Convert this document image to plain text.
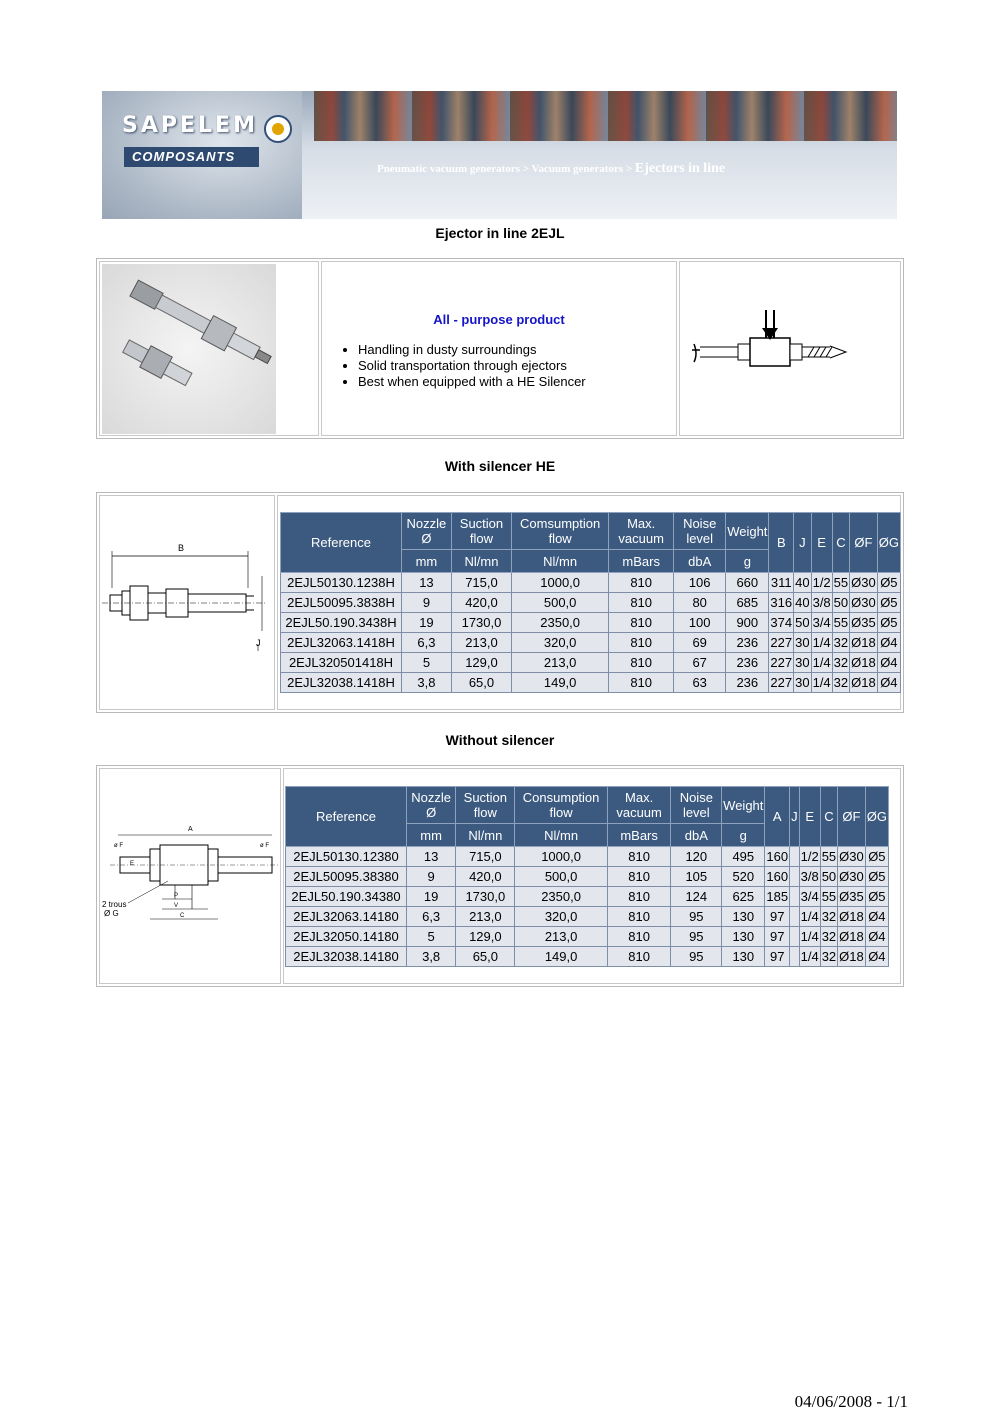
SAPELEM
COMPOSANTS
Pneumatic vacuum generators > Vacuum generators > Ejectors in line
Ejector in line 2EJL
All - purpose product
• Handling in dusty surroundings
• Solid transportation through ejectors
• Best when equipped with a HE Silencer
With silencer HE
B
J
Reference	Nozzle Ø	Suction flow	Comsumption flow	Max. vacuum	Noise level	Weight	B	J	E	C	ØF	ØG
	mm	Nl/mn	Nl/mn	mBars	dbA	g						
2EJL50130.1238H	13	715,0	1000,0	810	106	660	311	40	1/2	55	Ø30	Ø5
2EJL50095.3838H	9	420,0	500,0	810	80	685	316	40	3/8	50	Ø30	Ø5
2EJL50.190.3438H	19	1730,0	2350,0	810	100	900	374	50	3/4	55	Ø35	Ø5
2EJL32063.1418H	6,3	213,0	320,0	810	69	236	227	30	1/4	32	Ø18	Ø4
2EJL320501418H	5	129,0	213,0	810	67	236	227	30	1/4	32	Ø18	Ø4
2EJL32038.1418H	3,8	65,0	149,0	810	63	236	227	30	1/4	32	Ø18	Ø4
Without silencer
A
ø F	ø F
P
V
C
E
2 trous
Ø G
Reference	Nozzle Ø	Suction flow	Consumption flow	Max. vacuum	Noise level	Weight	A	J	E	C	ØF	ØG
	mm	Nl/mn	Nl/mn	mBars	dbA	g						
2EJL50130.12380	13	715,0	1000,0	810	120	495	160		1/2	55	Ø30	Ø5
2EJL50095.38380	9	420,0	500,0	810	105	520	160		3/8	50	Ø30	Ø5
2EJL50.190.34380	19	1730,0	2350,0	810	124	625	185		3/4	55	Ø35	Ø5
2EJL32063.14180	6,3	213,0	320,0	810	95	130	97		1/4	32	Ø18	Ø4
2EJL32050.14180	5	129,0	213,0	810	95	130	97		1/4	32	Ø18	Ø4
2EJL32038.14180	3,8	65,0	149,0	810	95	130	97		1/4	32	Ø18	Ø4
04/06/2008 - 1/1
